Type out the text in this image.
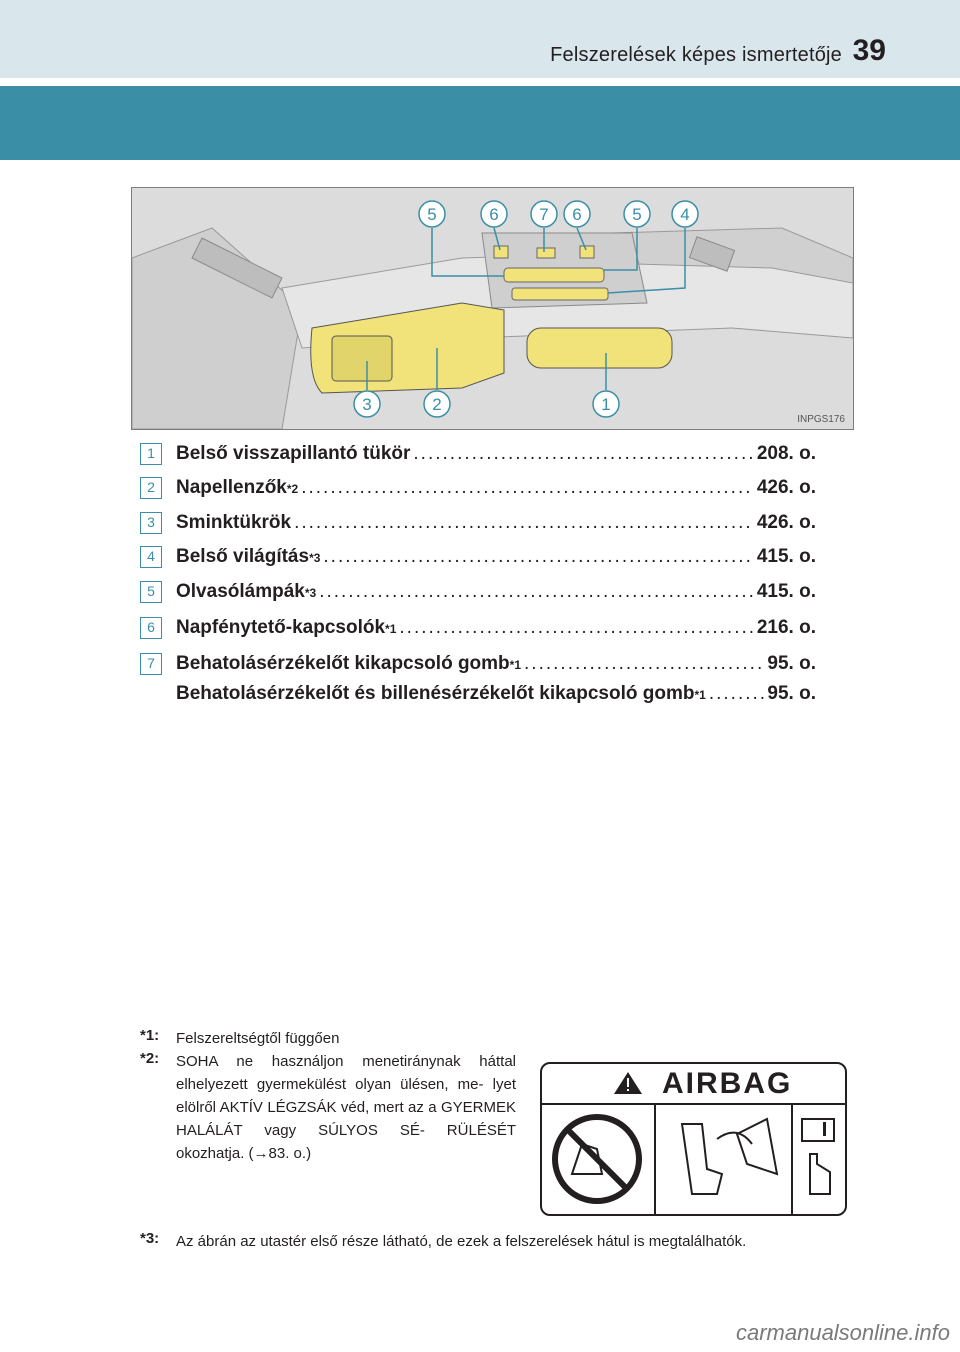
Felszerelések képes ismertetője 39
5	6 7 6	5 4
3	2	1
INPGS176
1	Belső visszapillantó tükör .....	208. o.
2	Napellenzők *2 .....	426. o.
3	Sminktükrök .....	426. o.
4	Belső világítás *3 .....	415. o.
5	Olvasólámpák *3 .....	415. o.
6	Napfénytető-kapcsolók *1 .....	216. o.
7	Behatolásérzékelőt kikapcsoló gomb *1 .....	95. o.
Behatolásérzékelőt és billenésérzékelőt kikapcsoló gomb *1 .....	95. o.
*1: Felszereltségtől függően
*2: SOHA ne használjon menetiránynak háttal elhelyezett gyermekülést olyan ülésen, me- lyet elölről AKTÍV LÉGZSÁK véd, mert az a GYERMEK HALÁLÁT vagy SÚLYOS SÉ- RÜLÉSÉT okozhatja. (→83. o.)
*3: Az ábrán az utastér első része látható, de ezek a felszerelések hátul is megtalálhatók.
AIRBAG
carmanualsonline.info
